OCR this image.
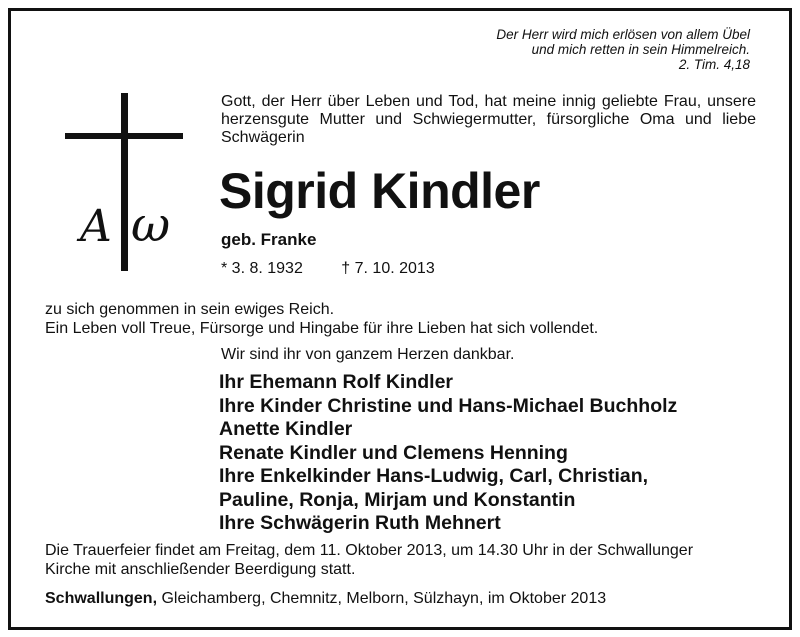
Der Herr wird mich erlösen von allem Übel
und mich retten in sein Himmelreich.
2. Tim. 4,18
A ω
Gott, der Herr über Leben und Tod, hat meine innig geliebte Frau, unsere herzensgute Mutter und Schwiegermutter, fürsorgliche Oma und liebe Schwägerin
Sigrid Kindler
geb. Franke
* 3. 8. 1932 † 7. 10. 2013
zu sich genommen in sein ewiges Reich.
Ein Leben voll Treue, Fürsorge und Hingabe für ihre Lieben hat sich vollendet.
Wir sind ihr von ganzem Herzen dankbar.
Ihr Ehemann Rolf Kindler
Ihre Kinder Christine und Hans-Michael Buchholz
Anette Kindler
Renate Kindler und Clemens Henning
Ihre Enkelkinder Hans-Ludwig, Carl, Christian,
Pauline, Ronja, Mirjam und Konstantin
Ihre Schwägerin Ruth Mehnert
Die Trauerfeier findet am Freitag, dem 11. Oktober 2013, um 14.30 Uhr in der Schwallunger
Kirche mit anschließender Beerdigung statt.
Schwallungen, Gleichamberg, Chemnitz, Melborn, Sülzhayn, im Oktober 2013
